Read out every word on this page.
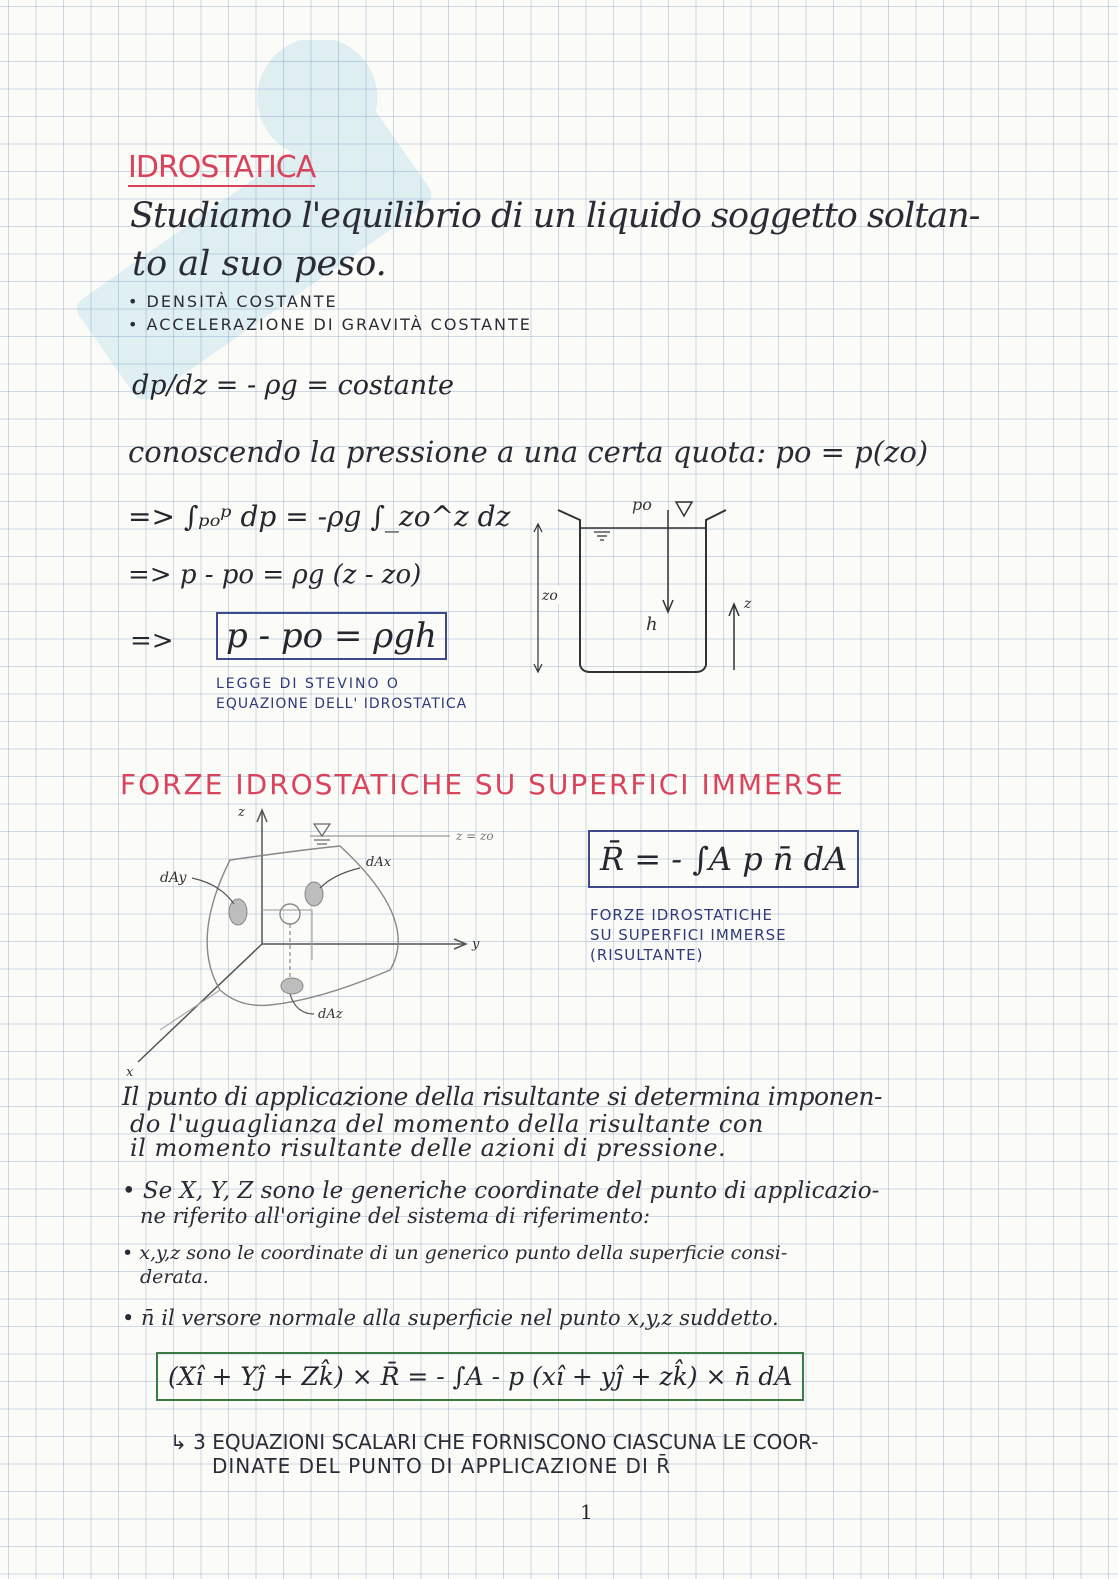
IDROSTATICA
Studiamo l'equilibrio di un liquido soggetto soltan-
to al suo peso.
• DENSITÀ COSTANTE
• ACCELERAZIONE DI GRAVITÀ COSTANTE
dp/dz = - ρg = costante
conoscendo la pressione a una certa quota: po = p(zo)
=> ∫ₚₒᵖ dp = -ρg ∫_zo^z dz
=> p - po = ρg (z - zo)
=> p - po = ρgh
LEGGE DI STEVINO O
EQUAZIONE DELL' IDROSTATICA
po
zo
h
z
FORZE IDROSTATICHE SU SUPERFICI IMMERSE
z
y
x
z = zo
dAy
dAx
dAz
R̄ = - ∫A p n̄ dA
FORZE IDROSTATICHE
SU SUPERFICI IMMERSE
(RISULTANTE)
Il punto di applicazione della risultante si determina imponen-
do l'uguaglianza del momento della risultante con
il momento risultante delle azioni di pressione.
• Se X, Y, Z sono le generiche coordinate del punto di applicazio-
ne riferito all'origine del sistema di riferimento:
• x,y,z sono le coordinate di un generico punto della superficie consi-
derata.
• n̄ il versore normale alla superficie nel punto x,y,z suddetto.
(Xî + Yĵ + Zk̂) × R̄ = - ∫A - p (xî + yĵ + zk̂) × n̄ dA
↳ 3 EQUAZIONI SCALARI CHE FORNISCONO CIASCUNA LE COOR-
DINATE DEL PUNTO DI APPLICAZIONE DI R̄
1
